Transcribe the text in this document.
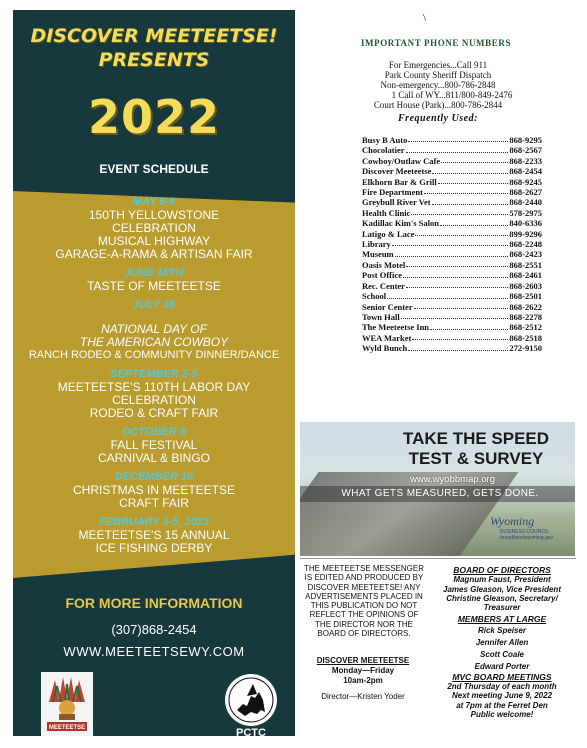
DISCOVER MEETEETSE!
PRESENTS
2022
EVENT SCHEDULE
MAY 6-8
150TH YELLOWSTONE
CELEBRATION
MUSICAL HIGHWAY
GARAGE-A-RAMA & ARTISAN FAIR
JUNE 18TH
TASTE OF MEETEETSE
JULY 16
NATIONAL DAY OF
THE AMERICAN COWBOY
RANCH RODEO & COMMUNITY DINNER/DANCE
SEPTEMBER 2-5
MEETEETSE'S 110TH LABOR DAY
CELEBRATION
RODEO & CRAFT FAIR
OCTOBER 8
FALL FESTIVAL
CARNIVAL & BINGO
DECEMBER 10
CHRISTMAS IN MEETEETSE
CRAFT FAIR
FEBRUARY 3-5, 2023
MEETEETSE'S 15 ANNUAL
ICE FISHING DERBY
FOR MORE INFORMATION
(307)868-2454
WWW.MEETEETSEWY.COM
MEETEETSE	PCTC
\
IMPORTANT PHONE NUMBERS
For Emergencies...Call 911
Park County Sheriff Dispatch
Non-emergency...800-786-2848
1 Call of WY...811/800-849-2476
Court House (Park)...800-786-2844
Frequently Used:
Busy B Auto	868-9295
Chocolatier	868-2567
Cowboy/Outlaw Cafe	868-2233
Discover Meeteetse	868-2454
Elkhorn Bar & Grill	868-9245
Fire Department	868-2627
Greybull River Vet	868-2440
Health Clinic	578-2975
Kadillac Kim's Salon	840-6336
Latigo & Lace	899-9296
Library	868-2248
Museum	868-2423
Oasis Motel	868-2551
Post Office	868-2461
Rec. Center	868-2603
School	868-2501
Senior Center	868-2622
Town Hall	868-2278
The Meeteetse Inn	868-2512
WEA Market	868-2518
Wyld Bunch	272-9150
TAKE THE SPEED
TEST & SURVEY
www.wyobbmap.org
WHAT GETS MEASURED, GETS DONE.
Wyoming
BUSINESS COUNCIL
broadbandwyoming.gov
THE MEETEETSE MESSENGER IS EDITED AND PRODUCED BY DISCOVER MEETEETSE! ANY ADVERTISEMENTS PLACED IN THIS PUBLICATION DO NOT REFLECT THE OPINIONS OF THE DIRECTOR NOR THE BOARD OF DIRECTORS.
DISCOVER MEETEETSE
Monday—Friday
10am-2pm
Director—Kristen Yoder
BOARD OF DIRECTORS
Magnum Faust, President
James Gleason, Vice President
Christine Gleason, Secretary/
Treasurer
MEMBERS AT LARGE
Rick Speiser
Jennifer Allen
Scott Coale
Edward Porter
MVC BOARD MEETINGS
2nd Thursday of each month
Next meeting June 9, 2022
at 7pm at the Ferret Den
Public welcome!
